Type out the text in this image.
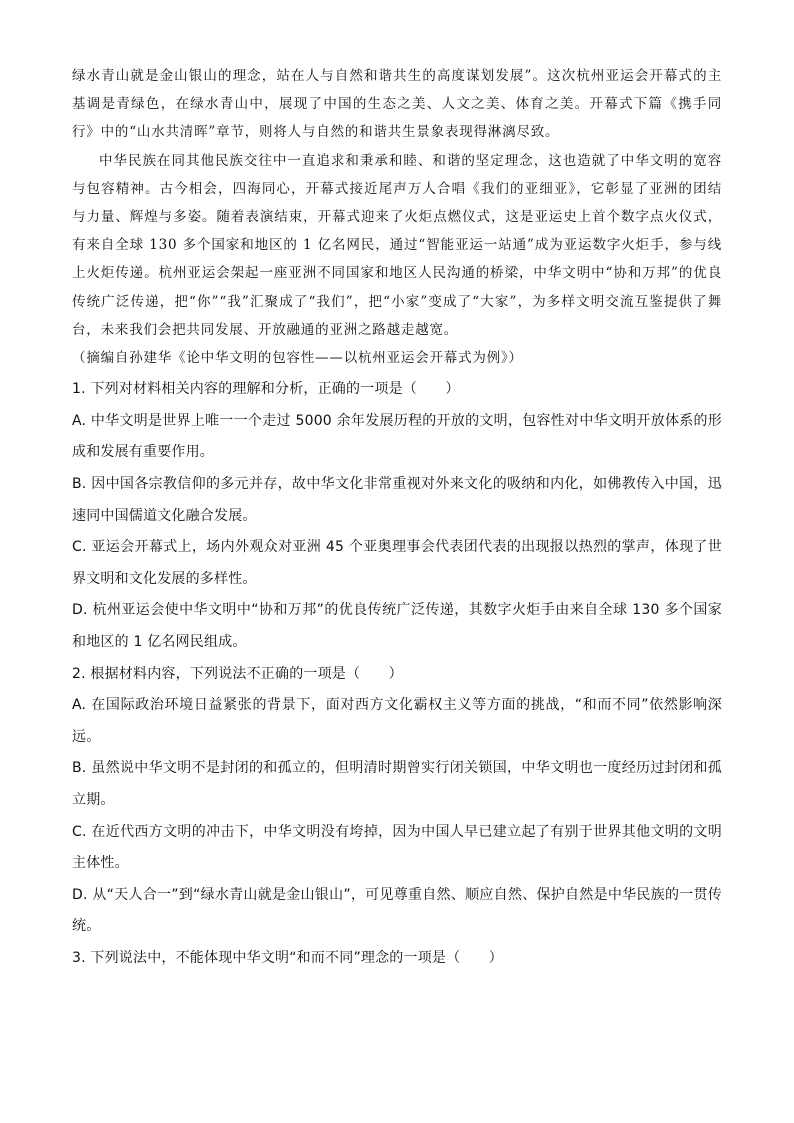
绿水青山就是金山银山的理念，站在人与自然和谐共生的高度谋划发展”。这次杭州亚运会开幕式的主基调是青绿色，在绿水青山中，展现了中国的生态之美、人文之美、体育之美。开幕式下篇《携手同行》中的“山水共清晖”章节，则将人与自然的和谐共生景象表现得淋漓尽致。

中华民族在同其他民族交往中一直追求和秉承和睦、和谐的坚定理念，这也造就了中华文明的宽容与包容精神。古今相会，四海同心，开幕式接近尾声万人合唱《我们的亚细亚》，它彰显了亚洲的团结与力量、辉煌与多姿。随着表演结束，开幕式迎来了火炬点燃仪式，这是亚运史上首个数字点火仪式，有来自全球 130 多个国家和地区的 1 亿名网民，通过“智能亚运一站通”成为亚运数字火炬手，参与线上火炬传递。杭州亚运会架起一座亚洲不同国家和地区人民沟通的桥梁，中华文明中“协和万邦”的优良传统广泛传递，把“你”“我”汇聚成了“我们”，把“小家”变成了“大家”，为多样文明交流互鉴提供了舞台，未来我们会把共同发展、开放融通的亚洲之路越走越宽。

（摘编自孙建华《论中华文明的包容性——以杭州亚运会开幕式为例》）

1. 下列对材料相关内容的理解和分析，正确的一项是（　　）

A. 中华文明是世界上唯一一个走过 5000 余年发展历程的开放的文明，包容性对中华文明开放体系的形成和发展有重要作用。

B. 因中国各宗教信仰的多元并存，故中华文化非常重视对外来文化的吸纳和内化，如佛教传入中国，迅速同中国儒道文化融合发展。

C. 亚运会开幕式上，场内外观众对亚洲 45 个亚奥理事会代表团代表的出现报以热烈的掌声，体现了世界文明和文化发展的多样性。

D. 杭州亚运会使中华文明中“协和万邦”的优良传统广泛传递，其数字火炬手由来自全球 130 多个国家和地区的 1 亿名网民组成。

2. 根据材料内容，下列说法不正确的一项是（　　）

A. 在国际政治环境日益紧张的背景下，面对西方文化霸权主义等方面的挑战，“和而不同”依然影响深远。

B. 虽然说中华文明不是封闭的和孤立的，但明清时期曾实行闭关锁国，中华文明也一度经历过封闭和孤立期。

C. 在近代西方文明的冲击下，中华文明没有垮掉，因为中国人早已建立起了有别于世界其他文明的文明主体性。

D. 从“天人合一”到“绿水青山就是金山银山”，可见尊重自然、顺应自然、保护自然是中华民族的一贯传统。

3. 下列说法中，不能体现中华文明“和而不同”理念的一项是（　　）
